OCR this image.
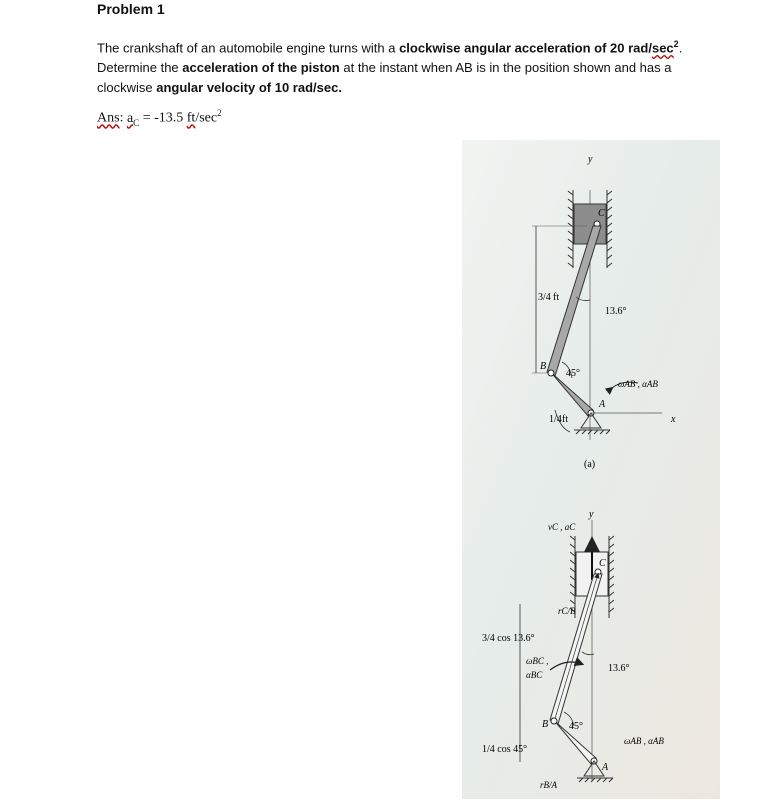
Problem 1
The crankshaft of an automobile engine turns with a clockwise angular acceleration of 20 rad/$\sec^2$.
Determine the acceleration of the piston at the instant when AB is in the position shown and has a
clockwise angular velocity of 10 rad/sec.
Ans: $a_C = -13.5$ $ft/\sec^2$
y
C
x
B
A
3/4 ft
1/4 ft
45°
13.6°
ωAB , αAB
(a)
y
vC , aC
C
rC/B
3/4 cos 13.6°
ωBC ,
αBC
13.6°
B 45°
ωAB , αAB
A
1/4 cos 45°
rB/A
